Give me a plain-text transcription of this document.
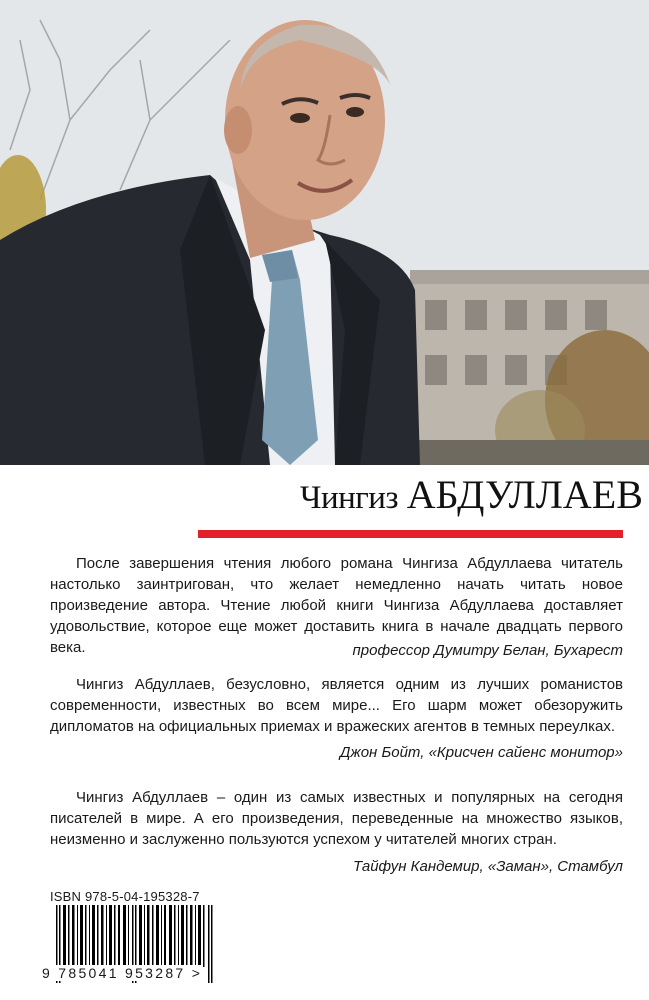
Чингиз АБДУЛЛАЕВ

После завершения чтения любого романа Чингиза Абдуллаева читатель настолько заинтригован, что желает немедленно начать читать новое произведение автора. Чтение любой книги Чингиза Абдуллаева доставляет удовольствие, которое еще может доставить книга в начале двадцать первого века.	профессор Думитру Белан, Бухарест

Чингиз Абдуллаев, безусловно, является одним из лучших романистов современности, известных во всем мире... Его шарм может обезоружить дипломатов на официальных приемах и вражеских агентов в темных переулках.

Джон Бойт, «Крисчен сайенс монитор»

Чингиз Абдуллаев – один из самых известных и популярных на сегодня писателей в мире. А его произведения, переведенные на множество языков, неизменно и заслуженно пользуются успехом у читателей многих стран.

Тайфун Кандемир, «Заман», Стамбул

ISBN 978-5-04-195328-7
9 785041 953287 >
